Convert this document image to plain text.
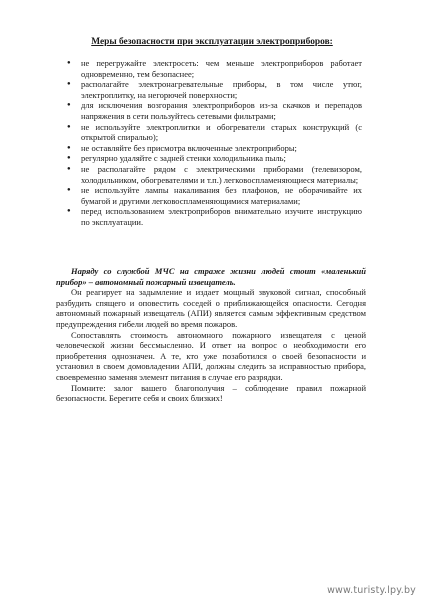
Меры безопасности при эксплуатации электроприборов:
● не перегружайте электросеть: чем меньше электроприборов работает одновременно, тем безопаснее;
● располагайте электронагревательные приборы, в том числе утюг, электроплитку, на негорючей поверхности;
● для исключения возгорания электроприборов из-за скачков и перепадов напряжения в сети пользуйтесь сетевыми фильтрами;
● не используйте электроплитки и обогреватели старых конструкций (с открытой спиралью);
● не оставляйте без присмотра включенные электроприборы;
● регулярно удаляйте с задней стенки холодильника пыль;
● не располагайте рядом с электрическими приборами (телевизором, холодильником, обогревателями и т.п.) легковоспламеняющиеся материалы;
● не используйте лампы накаливания без плафонов, не оборачивайте их бумагой и другими легковоспламеняющимися материалами;
● перед использованием электроприборов внимательно изучите инструкцию по эксплуатации.

Наряду со службой МЧС на страже жизни людей стоит «маленький прибор» – автономный пожарный извещатель.

Он реагирует на задымление и издает мощный звуковой сигнал, способный разбудить спящего и оповестить соседей о приближающейся опасности. Сегодня автономный пожарный извещатель (АПИ) является самым эффективным средством предупреждения гибели людей во время пожаров.

Сопоставлять стоимость автономного пожарного извещателя с ценой человеческой жизни бессмысленно. И ответ на вопрос о необходимости его приобретения однозначен. А те, кто уже позаботился о своей безопасности и установил в своем домовладении АПИ, должны следить за исправностью прибора, своевременно заменяя элемент питания в случае его разрядки.

Помните: залог вашего благополучия – соблюдение правил пожарной безопасности. Берегите себя и своих близких!

www.turisty.lpy.by
